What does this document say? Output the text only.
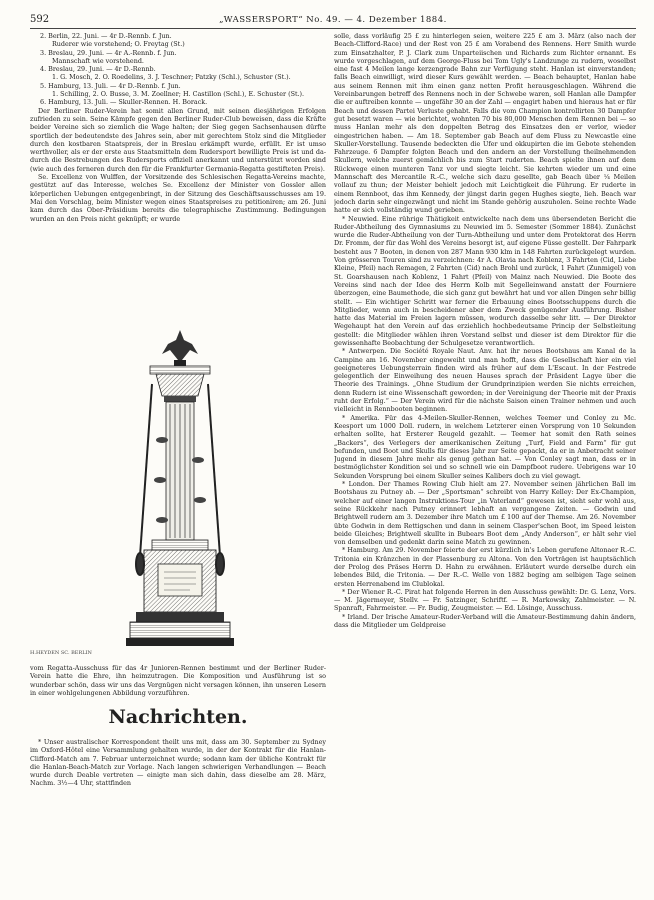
592	„WASSERSPORT“ No. 49. — 4. Dezember 1884.

2. Berlin, 22. Juni. — 4r D.-Rennb. f. Jun.

Ruderer wie vorstehend; O. Freytag (St.)

3. Breslau, 29. Juni. — 4r A.-Rennb. f. Jun.

Mannschaft wie vorstehend.

4. Breslau, 29. Juni. — 4r D.-Rennb.

1. G. Mosch, 2. O. Roedelins, 3. J. Teschner; Patzky (Schl.), Schuster (St.).

5. Hamburg, 13. Juli. — 4r D.-Rennb. f. Jun.

1. Schilling, 2. O. Busse, 3. M. Zoellner; H. Castillon (Schl.), E. Schuster (St.).

6. Hamburg, 13. Juli. — Skuller-Rennen. H. Borack.

Der Berliner Ruder-Verein hat somit allen Grund, mit seinen diesjährigen Erfolgen zufrieden zu sein. Seine Kämpfe gegen den Berliner Ruder-Club beweisen, dass die Kräfte beider Vereine sich so ziemlich die Wage halten; der Sieg gegen Sachsenhausen dürfte sportlich der bedeutendste des Jahres sein, aber mit gerechtem Stolz sind die Mitglieder durch den kostbaren Staatspreis, der in Breslau erkämpft wurde, erfüllt. Er ist umso werthvoller, als er der erste aus Staatsmitteln dem Rudersport bewilligte Preis ist und dadurch die Bestrebungen des Rudersports offiziell anerkannt und unterstützt worden sind (wie auch des ferneren durch den für die Frankfurter Germania-Regatta gestifteten Preis).

Se. Excellenz von Wulffen, der Vorsitzende des Schlesischen Regatta-Vereins machte, gestützt auf das Interesse, welches Se. Excellenz der Minister von Gossler allen körperlichen Uebungen entgegenbringt, in der Sitzung des Geschäftsausschusses am 19. Mai den Vorschlag, beim Minister wegen eines Staatspreises zu petitioniren; am 26. Juni kam durch das Ober-Präsidium bereits die telegraphische Zustimmung. Bedingungen wurden an den Preis nicht geknüpft; er wurde

H.HEYDEN SC. BERLIN
vom Regatta-Ausschuss für das 4r Junioren-Rennen bestimmt und der Berliner Ruder-Verein hatte die Ehre, ihn heimzutragen. Die Komposition und Ausführung ist so wunderbar schön, dass wir uns das Vergnügen nicht versagen können, ihn unseren Lesern in einer wohlgelungenen Abbildung vorzuführen.
Nachrichten.

* Unser australischer Korrespondent theilt uns mit, dass am 30. September zu Sydney im Oxford-Hôtel eine Versammlung gehalten wurde, in der der Kontrakt für die Hanlan-Clifford-Match am 7. Februar unterzeichnet wurde; sodann kam der übliche Kontrakt für die Hanlan-Beach-Match zur Vorlage. Nach langen schwierigen Verhandlungen — Beach wurde durch Deable vertreten — einigte man sich dahin, dass dieselbe am 28. März, Nachm. 3½—4 Uhr, stattfinden

solle, dass vorläufig 25 £ zu hinterlegen seien, weitere 225 £ am 3. März (also nach der Beach-Clifford-Race) und der Rest von 25 £ am Vorabend des Rennens. Herr Smith wurde zum Einsatzhalter, P. J. Clark zum Unparteiischen und Richards zum Richter ernannt. Es wurde vorgeschlagen, auf dem George-Fluss bei Tom Ugly's Landzunge zu rudern, woselbst eine fast 4 Meilen lange kerzengrade Bahn zur Verfügung steht. Hanlan ist einverstanden; falls Beach einwilligt, wird dieser Kurs gewählt werden. — Beach behauptet, Hanlan habe aus seinem Rennen mit ihm einen ganz netten Profit herausgeschlagen. Während die Vereinbarungen betreff des Rennens noch in der Schwebe waren, soll Hanlan alle Dampfer die er auftreiben konnte — ungefähr 30 an der Zahl — engagirt haben und hieraus hat er für Beach und dessen Partei Verluste gehabt. Falls die vom Champion kontrollirten 30 Dampfer gut besetzt waren — wie berichtet, wohnten 70 bis 80,000 Menschen dem Rennen bei — so muss Hanlan mehr als den doppelten Betrag des Einsatzes den er verlor, wieder eingestrichen haben. — Am 18. September gab Beach auf dem Fluss zu Newcastle eine Skuller-Vorstellung. Tausende bedeckten die Ufer und okkupirten die im Gebote stehenden Fahrzeuge. 6 Dampfer folgten Beach und den andern an der Vorstellung theilnehmenden Skullern, welche zuerst gemächlich bis zum Start ruderten. Beach spielte ihnen auf dem Rückwege einen munteren Tanz vor und siegte leicht. Sie kehrten wieder um und eine Mannschaft des Mercantile R.-C., welche sich dazu gesellte, gab Beach über ¼ Meilen vollauf zu thun; der Meister behielt jedoch mit Leichtigkeit die Führung. Er ruderte in einem Rennboot, das ihm Kennedy, der jüngst darin gegen Hughes siegte, lieh. Beach war jedoch darin sehr eingezwängt und nicht im Stande gehörig auszuholen. Seine rechte Wade hatte er sich vollständig wund gerieben.

* Neuwied. Eine rührige Thätigkeit entwickelte nach dem uns übersendeten Bericht die Ruder-Abtheilung des Gymnasiums zu Neuwied im 5. Semester (Sommer 1884). Zunächst wurde die Ruder-Abtheilung von der Turn-Abtheilung und unter dem Protektorat des Herrn Dr. Fromm, der für das Wohl des Vereins besorgt ist, auf eigene Füsse gestellt. Der Fahrpark besteht aus 7 Booten, in denen von 287 Mann 930 klm in 148 Fahrten zurückgelegt wurden. Von grösseren Touren sind zu verzeichnen: 4r A. Olavia nach Koblenz, 3 Fahrten (Cid, Liebe Kleine, Pfeil) nach Remagen, 2 Fahrten (Cid) nach Brohl und zurück, 1 Fahrt (Zunmigel) von St. Goarshausen nach Koblenz, 1 Fahrt (Pfeil) von Mainz nach Neuwied. Die Boote des Vereins sind nach der Idee des Herrn Kolb mit Segelleinwand anstatt der Fourniere überzogen, eine Baumethode, die sich ganz gut bewährt hat und vor allen Dingen sehr billig stellt. — Ein wichtiger Schritt war ferner die Erbauung eines Bootsschuppens durch die Mitglieder, wenn auch in bescheidener aber dem Zweck genügender Ausführung. Bisher hatte das Material im Freien lagern müssen, wodurch dasselbe sehr litt. — Der Direktor Wegehaupt hat den Verein auf das erziehlich hochbedeutsame Princip der Selbstleitung gestellt: die Mitglieder wählen ihren Vorstand selbst und dieser ist dem Direktor für die gewissenhafte Beobachtung der Schulgesetze verantwortlich.

* Antwerpen. Die Société Royale Naut. Anv. hat ihr neues Bootshaus am Kanal de la Campine am 16. November eingeweiht und man hofft, dass die Gesellschaft hier ein viel geeigneteres Uebungsterrain finden wird als früher auf dem L'Escaut. In der Festrede gelegentlich der Einweihung des neuen Hauses sprach der Präsident Lagye über die Theorie des Trainings. „Ohne Studium der Grundprinzipien werden Sie nichts erreichen, denn Rudern ist eine Wissenschaft geworden; in der Vereinigung der Theorie mit der Praxis ruht der Erfolg.“ — Der Verein wird für die nächste Saison einen Trainer nehmen und auch vielleicht in Rennbooten beginnen.

* Amerika. Für das 4-Meilen-Skuller-Rennen, welches Teemer und Conley zu Mc. Keesport um 1000 Doll. rudern, in welchem Letzterer einen Vorsprung von 10 Sekunden erhalten sollte, hat Ersterer Reugeld gezahlt. — Teemer hat somit den Rath seines „Backers“, des Verlegers der amerikanischen Zeitung „Turf, Field and Farm“ für gut befunden, und Boot und Skulls für dieses Jahr zur Seite gepackt, da er in Anbetracht seiner Jugend in diesem Jahre mehr als genug gethan hat. — Von Conley sagt man, dass er in bestmöglichster Kondition sei und so schnell wie ein Dampfboot rudere. Uebrigens war 10 Sekunden Vorsprung bei einem Skuller seines Kalibers doch zu viel gewagt.

* London. Der Thames Rowing Club hielt am 27. November seinen jährlichen Ball im Bootshaus zu Putney ab. — Der „Sportsman“ schreibt von Harry Kelley: Der Ex-Champion, welcher auf einer langen Instruktions-Tour „in Vaterland“ gewesen ist, sieht sehr wohl aus, seine Rückkehr nach Putney erinnert lebhaft an vergangene Zeiten. — Godwin und Brightwell rudern am 3. Dezember ihre Match um £ 100 auf der Themse. Am 26. November übte Godwin in dem Rettigschen und dann in seinem Clasper'schen Boot, im Speed leisten beide Gleiches; Brightwell skullte in Bubears Boot dem „Andy Anderson“, er hält sehr viel von demselben und gedenkt darin seine Match zu gewinnen.

* Hamburg. Am 29. November feierte der erst kürzlich in's Leben gerufene Altonaer R.-C. Tritonia ein Kränzchen in der Plassenburg zu Altona. Von den Vorträgen ist hauptsächlich der Prolog des Präses Herrn D. Hahn zu erwähnen. Erläutert wurde derselbe durch ein lebendes Bild, die Tritonia. — Der R.-C. Welle von 1882 beging am selbigen Tage seinen ersten Herrenabend im Clublokal.

* Der Wiener R.-C. Pirat hat folgende Herren in den Ausschuss gewählt: Dr. G. Lenz, Vors. — M. Jägermeyer, Stellv. — Fr. Satzinger, Schriftf. — R. Markowsky, Zahlmeister. — N. Spanraft, Fahrmeister. — Fr. Budig, Zeugmeister. — Ed. Lösinge, Ausschuss.

* Irland. Der Irische Amateur-Ruder-Verband will die Amateur-Bestimmung dahin ändern, dass die Mitglieder um Geldpreise
